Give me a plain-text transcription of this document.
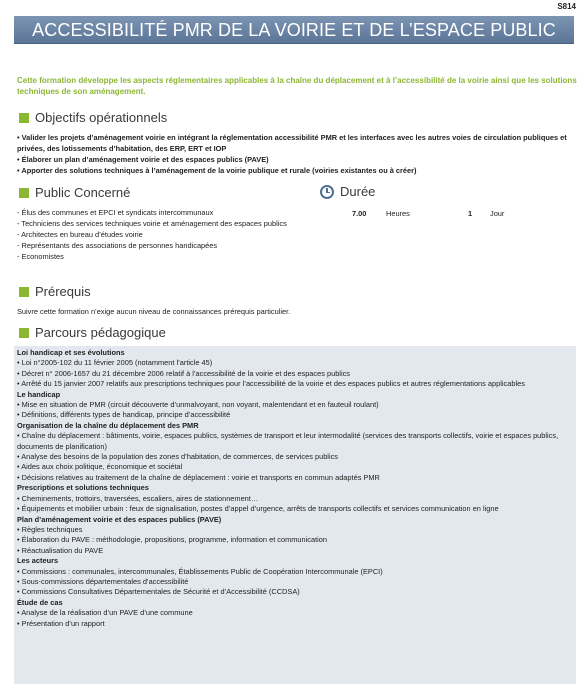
S814
ACCESSIBILITÉ PMR DE LA VOIRIE ET DE L’ESPACE PUBLIC

Cette formation développe les aspects réglementaires applicables à la chaîne du déplacement et à l’accessibilité de la voirie ainsi que les solutions techniques de son aménagement.

Objectifs opérationnels
• Valider les projets d’aménagement voirie en intégrant la réglementation accessibilité PMR et les interfaces avec les autres voies de circulation publiques et privées, des lotissements d’habitation, des ERP, ERT et IOP
• Élaborer un plan d’aménagement voirie et des espaces publics (PAVE)
• Apporter des solutions techniques à l’aménagement de la voirie publique et rurale (voiries existantes ou à créer)
Public Concerné
- Élus des communes et EPCI et syndicats intercommunaux
- Techniciens des services techniques voirie et aménagement des espaces publics
- Architectes en bureau d’études voirie
- Représentants des associations de personnes handicapées
- Economistes
Durée
7.00	Heures	1 Jour
Prérequis

Suivre cette formation n’exige aucun niveau de connaissances prérequis particulier.

Parcours pédagogique
Loi handicap et ses évolutions
• Loi n°2005-102 du 11 février 2005 (notamment l’article 45)
• Décret n° 2006-1657 du 21 décembre 2006 relatif à l’accessibilité de la voirie et des espaces publics
• Arrêté du 15 janvier 2007 relatifs aux prescriptions techniques pour l’accessibilité de la voirie et des espaces publics et autres réglementations applicables
Le handicap
• Mise en situation de PMR (circuit découverte d’unmalvoyant, non voyant, malentendant et en fauteuil roulant)
• Définitions, différents types de handicap, principe d’accessibilité
Organisation de la chaîne du déplacement des PMR
• Chaîne du déplacement : bâtiments, voirie, espaces publics, systèmes de transport et leur intermodalité (services des transports collectifs, voirie et espaces publics, documents de planification)
• Analyse des besoins de la population des zones d’habitation, de commerces, de services publics
• Aides aux choix politique, économique et sociétal
• Décisions relatives au traitement de la chaîne de déplacement : voirie et transports en commun adaptés PMR
Prescriptions et solutions techniques
• Cheminements, trottoirs, traversées, escaliers, aires de stationnement…
• Équipements et mobilier urbain : feux de signalisation, postes d’appel d’urgence, arrêts de transports collectifs et services communication en ligne
Plan d’aménagement voirie et des espaces publics (PAVE)
• Règles techniques
• Élaboration du PAVE : méthodologie, propositions, programme, information et communication
• Réactualisation du PAVE
Les acteurs
• Commissions : communales, intercommunales, Établissements Public de Coopération Intercommunale (EPCI)
• Sous-commissions départementales d’accessibilité
• Commissions Consultatives Départementales de Sécurité et d’Accessibilité (CCDSA)
Étude de cas
• Analyse de la réalisation d’un PAVE d’une commune
• Présentation d’un rapport
